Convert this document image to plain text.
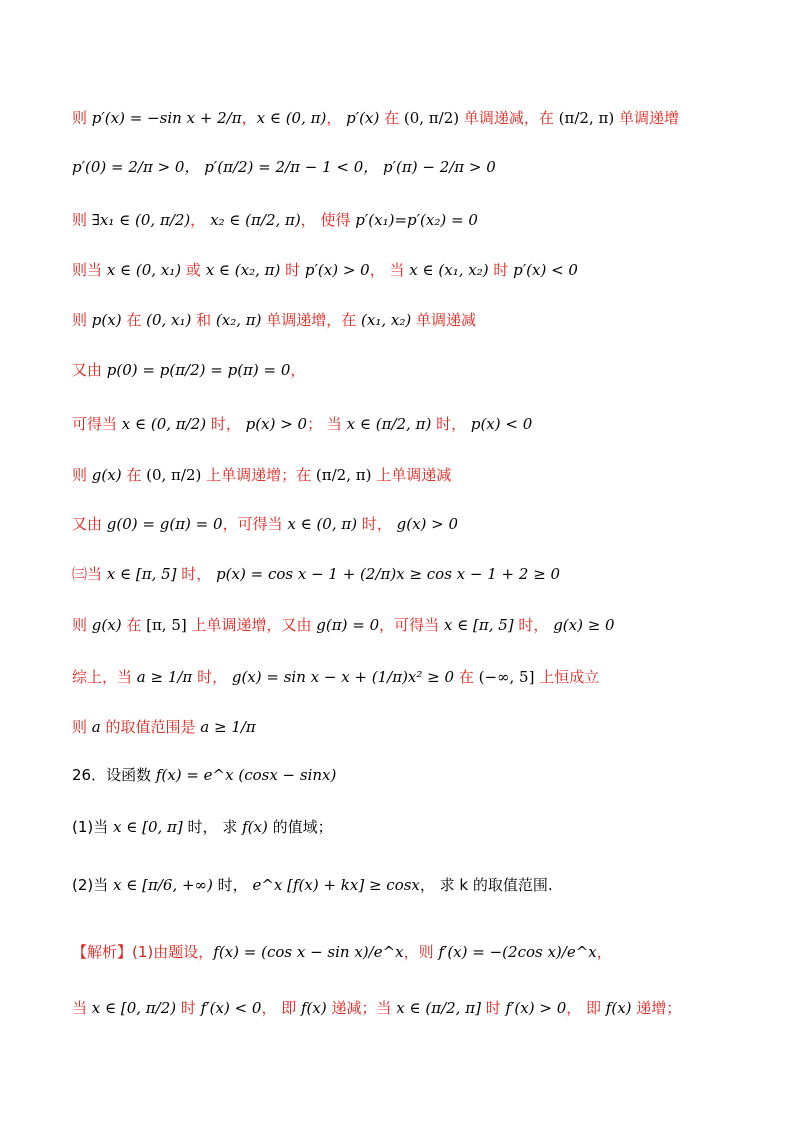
则 p′(x) = −sin x + 2/π，x ∈ (0, π)， p′(x) 在 (0, π/2) 单调递减，在 (π/2, π) 单调递增
p′(0) = 2/π > 0， p′(π/2) = 2/π − 1 < 0， p′(π) − 2/π > 0
则 ∃x₁ ∈ (0, π/2)， x₂ ∈ (π/2, π)， 使得 p′(x₁)=p′(x₂) = 0
则当 x ∈ (0, x₁) 或 x ∈ (x₂, π) 时 p′(x) > 0， 当 x ∈ (x₁, x₂) 时 p′(x) < 0
则 p(x) 在 (0, x₁) 和 (x₂, π) 单调递增，在 (x₁, x₂) 单调递减
又由 p(0) = p(π/2) = p(π) = 0，
可得当 x ∈ (0, π/2) 时， p(x) > 0； 当 x ∈ (π/2, π) 时， p(x) < 0
则 g(x) 在 (0, π/2) 上单调递增；在 (π/2, π) 上单调递减
又由 g(0) = g(π) = 0，可得当 x ∈ (0, π) 时， g(x) > 0
㈢当 x ∈ [π, 5] 时， p(x) = cos x − 1 + (2/π)x ≥ cos x − 1 + 2 ≥ 0
则 g(x) 在 [π, 5] 上单调递增，又由 g(π) = 0，可得当 x ∈ [π, 5] 时， g(x) ≥ 0
综上，当 a ≥ 1/π 时， g(x) = sin x − x + (1/π)x² ≥ 0 在 (−∞, 5] 上恒成立
则 a 的取值范围是 a ≥ 1/π
26．设函数 f(x) = e^x (cosx − sinx)
(1)当 x ∈ [0, π] 时， 求 f(x) 的值域；
(2)当 x ∈ [π/6, +∞) 时， e^x [f(x) + kx] ≥ cosx， 求 k 的取值范围.
【解析】(1)由题设，f(x) = (cos x − sin x)/e^x，则 f′(x) = −(2cos x)/e^x，
当 x ∈ [0, π/2) 时 f′(x) < 0， 即 f(x) 递减；当 x ∈ (π/2, π] 时 f′(x) > 0， 即 f(x) 递增；
